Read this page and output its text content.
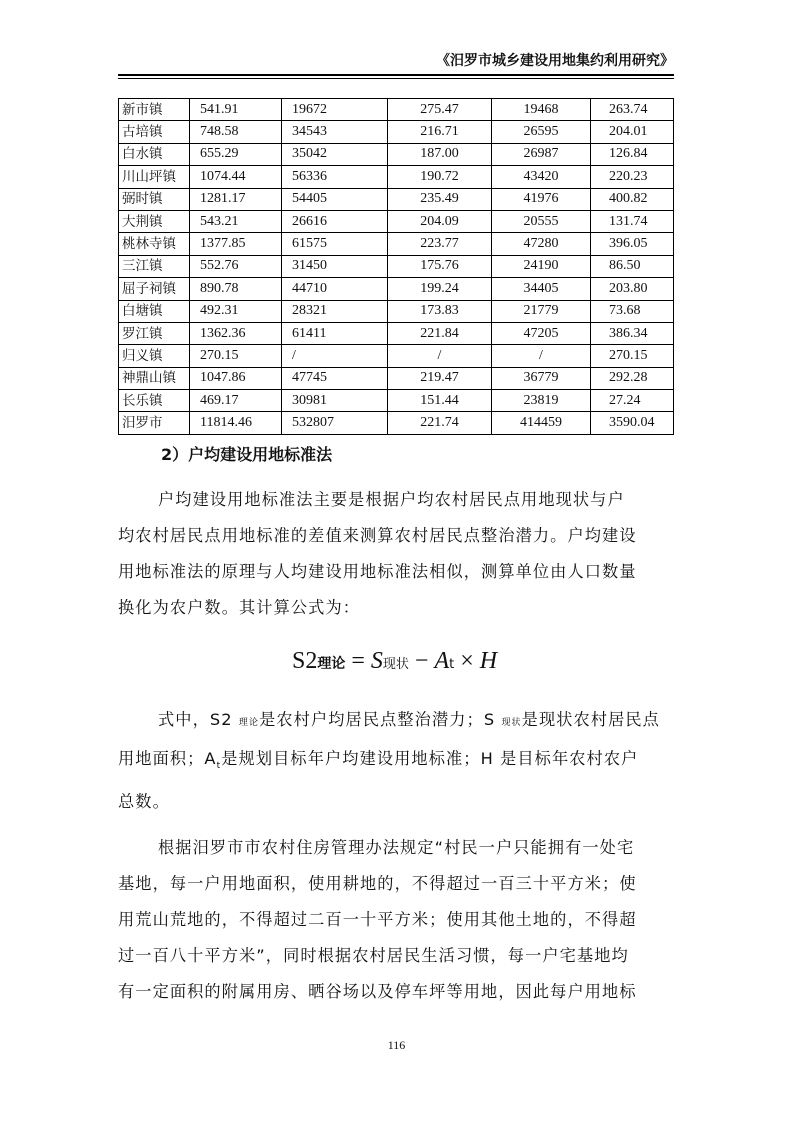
《汨罗市城乡建设用地集约利用研究》
新市镇	541.91	19672	275.47	19468	263.74
古培镇	748.58	34543	216.71	26595	204.01
白水镇	655.29	35042	187.00	26987	126.84
川山坪镇	1074.44	56336	190.72	43420	220.23
弼时镇	1281.17	54405	235.49	41976	400.82
大荆镇	543.21	26616	204.09	20555	131.74
桃林寺镇	1377.85	61575	223.77	47280	396.05
三江镇	552.76	31450	175.76	24190	86.50
屈子祠镇	890.78	44710	199.24	34405	203.80
白塘镇	492.31	28321	173.83	21779	73.68
罗江镇	1362.36	61411	221.84	47205	386.34
归义镇	270.15	/	/	/	270.15
神鼎山镇	1047.86	47745	219.47	36779	292.28
长乐镇	469.17	30981	151.44	23819	27.24
汨罗市	11814.46	532807	221.74	414459	3590.04
2）户均建设用地标准法
户均建设用地标准法主要是根据户均农村居民点用地现状与户
均农村居民点用地标准的差值来测算农村居民点整治潜力。户均建设
用地标准法的原理与人均建设用地标准法相似，测算单位由人口数量
换化为农户数。其计算公式为：
S2理论 = S现状 − At × H
式中，S2 理论是农村户均居民点整治潜力；S 现状是现状农村居民点
用地面积；$A_t$是规划目标年户均建设用地标准；H 是目标年农村农户
总数。
根据汨罗市市农村住房管理办法规定“村民一户只能拥有一处宅
基地，每一户用地面积，使用耕地的，不得超过一百三十平方米；使
用荒山荒地的，不得超过二百一十平方米；使用其他土地的，不得超
过一百八十平方米”，同时根据农村居民生活习惯，每一户宅基地均
有一定面积的附属用房、晒谷场以及停车坪等用地，因此每户用地标
116
